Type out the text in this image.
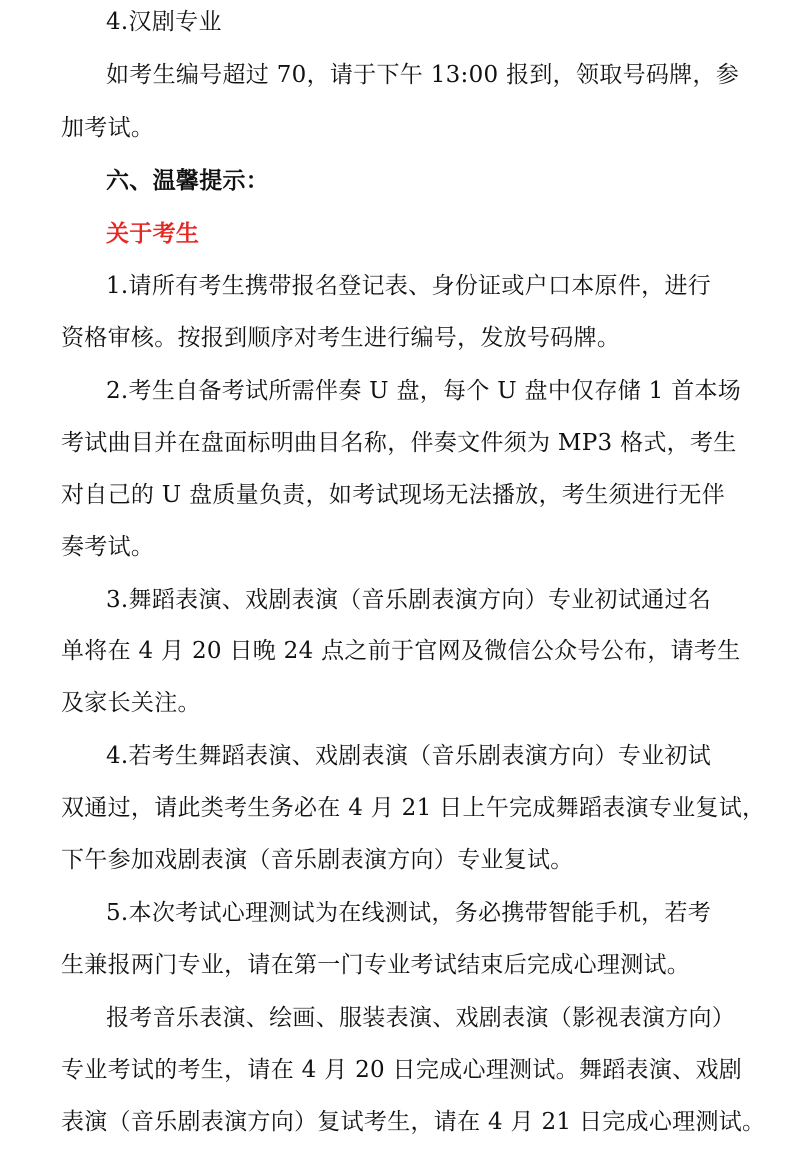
4.汉剧专业
如考生编号超过 70，请于下午 13:00 报到，领取号码牌，参
加考试。
六、温馨提示：
关于考生
1.请所有考生携带报名登记表、身份证或户口本原件，进行
资格审核。按报到顺序对考生进行编号，发放号码牌。
2.考生自备考试所需伴奏 U 盘，每个 U 盘中仅存储 1 首本场
考试曲目并在盘面标明曲目名称，伴奏文件须为 MP3 格式，考生
对自己的 U 盘质量负责，如考试现场无法播放，考生须进行无伴
奏考试。
3.舞蹈表演、戏剧表演（音乐剧表演方向）专业初试通过名
单将在 4 月 20 日晚 24 点之前于官网及微信公众号公布，请考生
及家长关注。
4.若考生舞蹈表演、戏剧表演（音乐剧表演方向）专业初试
双通过，请此类考生务必在 4 月 21 日上午完成舞蹈表演专业复试，
下午参加戏剧表演（音乐剧表演方向）专业复试。
5.本次考试心理测试为在线测试，务必携带智能手机，若考
生兼报两门专业，请在第一门专业考试结束后完成心理测试。
报考音乐表演、绘画、服装表演、戏剧表演（影视表演方向）
专业考试的考生，请在 4 月 20 日完成心理测试。舞蹈表演、戏剧
表演（音乐剧表演方向）复试考生，请在 4 月 21 日完成心理测试。
